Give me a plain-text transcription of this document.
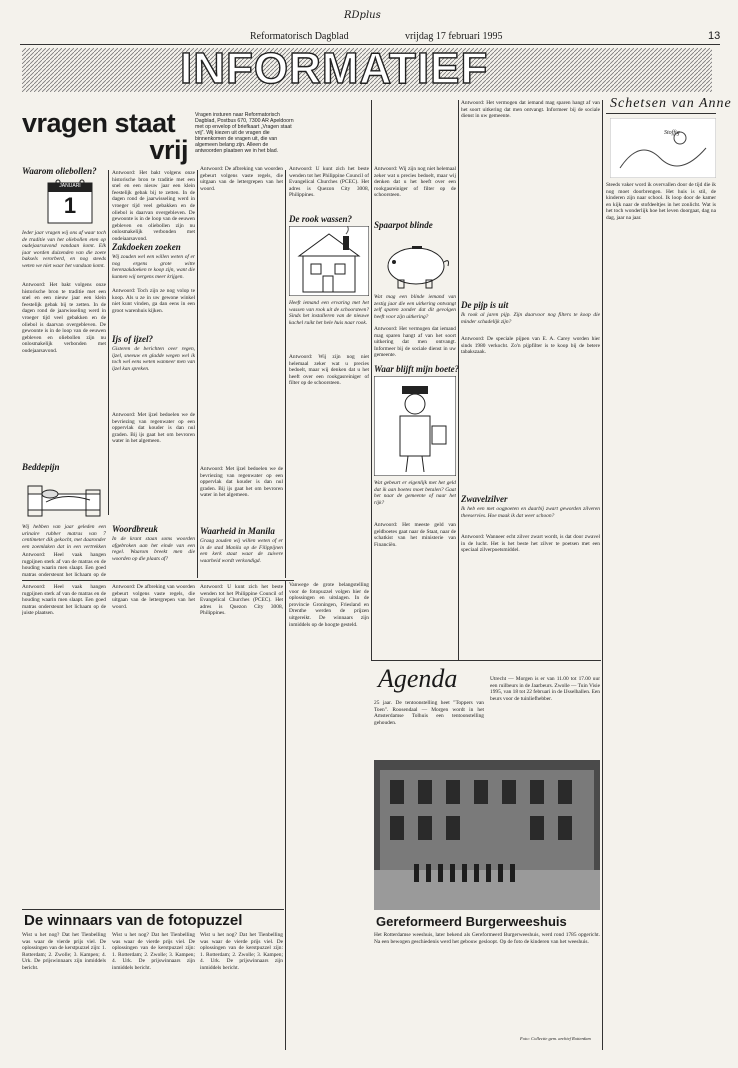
$^{RDplus}$
Reformatorisch Dagblad	vrijdag 17 februari 1995	13
INFORMATIEF
vragen staat
vrij
Vragen insturen naar Reformatorisch Dagblad, Postbus 670, 7300 AR Apeldoorn met op envelop of briefkaart „Vragen staat vrij”. Wij kiezen uit de vragen die binnenkomen de vragen uit, die van algemeen belang zijn. Alleen de antwoorden plaatsen we in het blad.
Schetsen van Anne
Waarom oliebollen?
JANUARI
1
Ieder jaar vragen wij ons af waar toch de traditie van het oliebollen eten op oudejaarsavond vandaan komt. Elk jaar worden duizenden van die zoete baksels verorberd, en nog steeds weten we niet waar het vandaan komt.
Antwoord: Het bakt volgens onze historische bron te traditie met een snel en een nieuw jaar een klein feestelijk gebak bij te zetten. In de dagen rond de jaarwisseling werd in vroeger tijd veel gebakken en de oliebol is daarvan overgebleven. De gewoonte is in de loop van de eeuwen gebleven en oliebollen zijn nu onlosmakelijk verbonden met oudejaarsavond.
Beddepijn
Wij hebben van jaar geleden een urinaire rubber matras van 7 centimeter dik gekocht, met daaronder een zoemlaken dat in een vertrekken
Antwoord: Heel vaak hangen rugpijnen sterk af van de matras en de houding waarin men slaapt. Een goed matras ondersteunt het lichaam op de
Antwoord: Het bakt volgens onze historische bron te traditie met een snel en een nieuw jaar een klein feestelijk gebak bij te zetten. In de dagen rond de jaarwisseling werd in vroeger tijd veel gebakken en de oliebol is daarvan overgebleven. De gewoonte is in de loop van de eeuwen gebleven en oliebollen zijn nu onlosmakelijk verbonden met oudejaarsavond.
Zakdoeken zoeken
Wij zouden wel een willen weten of er nog ergens grote witte herenzakdoeken te koop zijn, want die kunnen wij nergens meer krijgen.
Antwoord: Toch zijn ze nog volop te koop. Als u ze in uw gewone winkel niet kunt vinden, ga dan eens in een groot warenhuis kijken.
Ijs of ijzel?
Gisteren de berichten over regen, ijzel, sneeuw en gladde wegen wel ik toch wel eens weten wanneer men van ijzel kan spreken.
Antwoord: Met ijzel bedoelen we de bevriezing van regenwater op een oppervlak dat kouder is dan nul graden. Bij ijs gaat het om bevroren water in het algemeen.
Woordbreuk
In de krant staan soms woorden afgebroken aan het einde van een regel. Waarom breekt men die woorden op die plaats af?
Antwoord: De afbreking van woorden gebeurt volgens vaste regels, die uitgaan van de lettergrepen van het woord.
Antwoord: Met ijzel bedoelen we de bevriezing van regenwater op een oppervlak dat kouder is dan nul graden. Bij ijs gaat het om bevroren water in het algemeen.
Waarheid in Manila
Graag zouden wij willen weten of er in de stad Manila op de Filippijnen een kerk staat waar de zuivere waarheid wordt verkondigd.
Antwoord: U kunt zich het beste wenden tot het Philippine Council of Evangelical Churches (PCEC). Het adres is Quezon City 3008, Philippines.
De rook wassen?
Heeft iemand een ervaring met het wassen van rook uit de schoorsteen? Sinds het installeren van de nieuwe kachel ruikt het hele huis naar rook.
Antwoord: Wij zijn nog niet helemaal zeker wat u precies bedoelt, maar wij denken dat u het heeft over een rookgasreiniger of filter op de schoorsteen.
Antwoord: Wij zijn nog niet helemaal zeker wat u precies bedoelt, maar wij denken dat u het heeft over een rookgasreiniger of filter op de schoorsteen.
Spaarpot blinde
Wat mag een blinde iemand van zestig jaar die een uitkering ontvangt zelf sparen zonder dat dit gevolgen heeft voor zijn uitkering?
Antwoord: Het vermogen dat iemand mag sparen hangt af van het soort uitkering dat men ontvangt. Informeer bij de sociale dienst in uw gemeente.
Waar blijft mijn boete?
Wat gebeurt er eigenlijk met het geld dat ik aan boetes moet betalen? Gaat het naar de gemeente of naar het rijk?
Antwoord: Het meeste geld van geldboetes gaat naar de Staat, naar de schatkist van het ministerie van Financiën.
Antwoord: Het vermogen dat iemand mag sparen hangt af van het soort uitkering dat men ontvangt. Informeer bij de sociale dienst in uw gemeente.
De pijp is uit
Ik rook al jaren pijp. Zijn daarvoor nog filters te koop die minder schadelijk zijn?
Antwoord: De speciale pijpen van E. A. Carey worden hier sinds 1980 verkocht. Zo'n pijpfilter is te koop bij de betere tabakszaak.
Zwavelzilver
Ik heb een met oogpoeten en daarbij zwart geworden zilveren theeservies. Hoe maak ik dat weer schoon?
Antwoord: Wanneer echt zilver zwart wordt, is dat door zwavel in de lucht. Het is het beste het zilver te poetsen met een speciaal zilverpoetsmiddel.
Stoffig
Steeds vaker word ik overvallen door de tijd die ik nog moet doorbrengen. Het huis is stil, de kinderen zijn naar school. Ik loop door de kamer en kijk naar de stofdeeltjes in het zonlicht. Wat is het toch wonderlijk hoe het leven doorgaat, dag na dag, jaar na jaar.
Antwoord: Heel vaak hangen rugpijnen sterk af van de matras en de houding waarin men slaapt. Een goed matras ondersteunt het lichaam op de juiste plaatsen.
Antwoord: De afbreking van woorden gebeurt volgens vaste regels, die uitgaan van de lettergrepen van het woord.
Antwoord: U kunt zich het beste wenden tot het Philippine Council of Evangelical Churches (PCEC). Het adres is Quezon City 3008, Philippines.
Vanwege de grote belangstelling voor de fotopuzzel volgen hier de oplossingen en uitslagen. In de provincie Groningen, Friesland en Drenthe werden de prijzen uitgereikt. De winnaars zijn inmiddels op de hoogte gesteld.
Agenda
25 jaar. De tentoonstelling heet "Toppers van Toen". Roosendaal — Morgen wordt in het Amsterdamse Tolhuis een tentoonstelling gehouden.
Utrecht — Morgen is er van 11.00 tot 17.00 uur een ruilbeurs in de Jaarbeurs. Zwolle — Tuin Visie 1995, van 18 tot 22 februari in de IJsselhallen. Een beurs voor de tuinliefhebber.
Gereformeerd Burgerweeshuis
Het Rotterdamse weeshuis, later bekend als Gereformeerd Burgerweeshuis, werd rond 1785 opgericht. Na een bewogen geschiedenis werd het gebouw gesloopt. Op de foto de kinderen van het weeshuis.
Foto: Collectie gem. archief Rotterdam
De winnaars van de fotopuzzel
Wist u het nog? Dat het Tienbelling was waar de vierde prijs viel. De oplossingen van de kerstpuzzel zijn: 1. Rotterdam; 2. Zwolle; 3. Kampen; 4. Urk. De prijswinnaars zijn inmiddels bericht.
Wist u het nog? Dat het Tienbelling was waar de vierde prijs viel. De oplossingen van de kerstpuzzel zijn: 1. Rotterdam; 2. Zwolle; 3. Kampen; 4. Urk. De prijswinnaars zijn inmiddels bericht.
Wist u het nog? Dat het Tienbelling was waar de vierde prijs viel. De oplossingen van de kerstpuzzel zijn: 1. Rotterdam; 2. Zwolle; 3. Kampen; 4. Urk. De prijswinnaars zijn inmiddels bericht.
